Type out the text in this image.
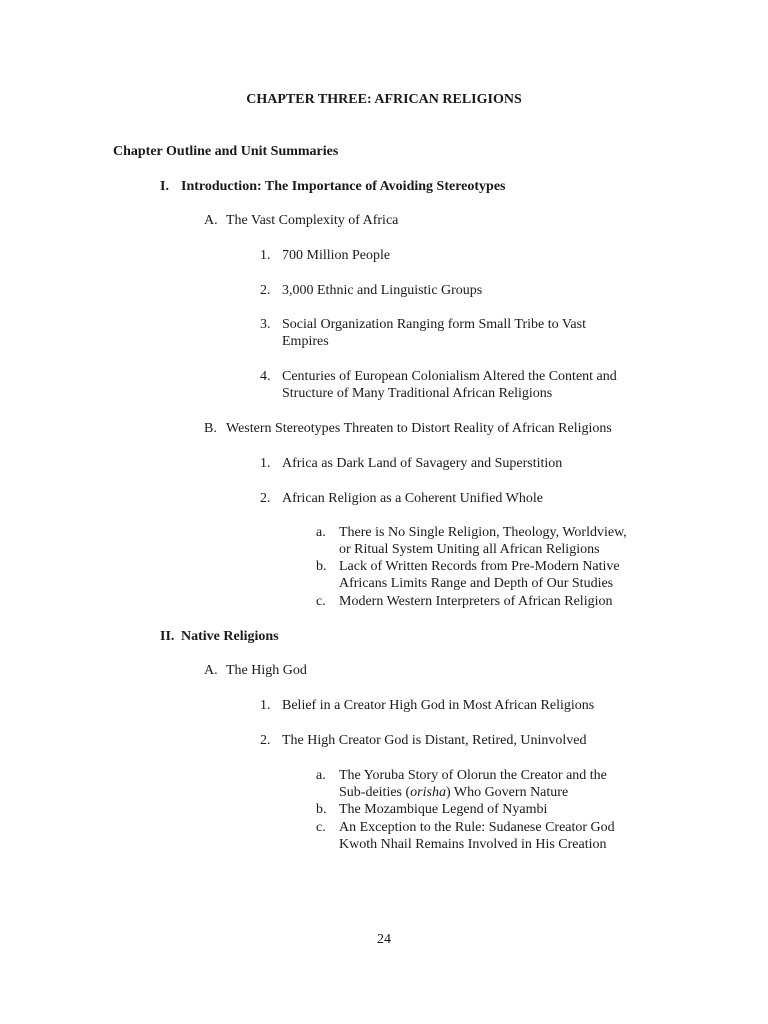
CHAPTER THREE: AFRICAN RELIGIONS
Chapter Outline and Unit Summaries
I. Introduction: The Importance of Avoiding Stereotypes
A. The Vast Complexity of Africa
1. 700 Million People
2. 3,000 Ethnic and Linguistic Groups
3. Social Organization Ranging form Small Tribe to Vast
Empires
4. Centuries of European Colonialism Altered the Content and
Structure of Many Traditional African Religions
B. Western Stereotypes Threaten to Distort Reality of African Religions
1. Africa as Dark Land of Savagery and Superstition
2. African Religion as a Coherent Unified Whole
a. There is No Single Religion, Theology, Worldview,
or Ritual System Uniting all African Religions
b. Lack of Written Records from Pre-Modern Native
Africans Limits Range and Depth of Our Studies
c. Modern Western Interpreters of African Religion
II. Native Religions
A. The High God
1. Belief in a Creator High God in Most African Religions
2. The High Creator God is Distant, Retired, Uninvolved
a. The Yoruba Story of Olorun the Creator and the
Sub-deities (orisha) Who Govern Nature
b. The Mozambique Legend of Nyambi
c. An Exception to the Rule: Sudanese Creator God
Kwoth Nhail Remains Involved in His Creation
24
